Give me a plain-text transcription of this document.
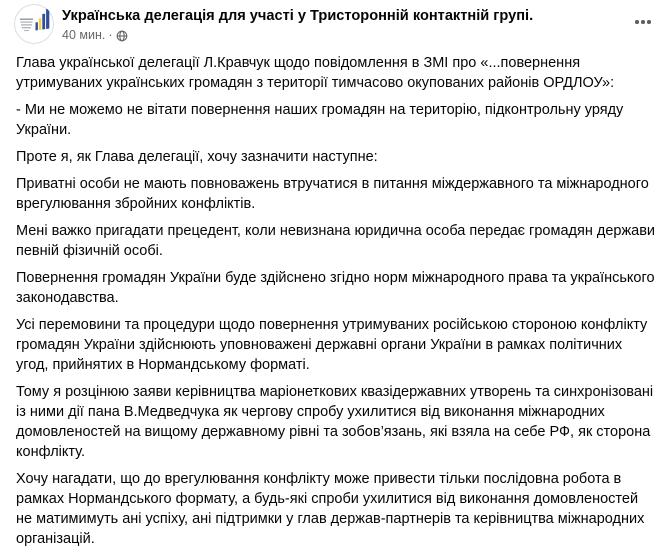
Українська делегація для участі у Тристоронній контактній групі.
40 мин. ·

Глава української делегації Л.Кравчук щодо повідомлення в ЗМІ про «...повернення утримуваних українських громадян з території тимчасово окупованих районів ОРДЛОУ»:

- Ми не можемо не вітати повернення наших громадян на територію, підконтрольну уряду України.

Проте я, як Глава делегації, хочу зазначити наступне:

Приватні особи не мають повноважень втручатися в питання міждержавного та міжнародного врегулювання збройних конфліктів.

Мені важко пригадати прецедент, коли невизнана юридична особа передає громадян держави певній фізичній особі.

Повернення громадян України буде здійснено згідно норм міжнародного права та українського законодавства.

Усі перемовини та процедури щодо повернення утримуваних російською стороною конфлікту громадян України здійснюють уповноважені державні органи України в рамках політичних угод, прийнятих в Нормандському форматі.

Тому я розцінюю заяви керівництва маріонеткових квазідержавних утворень та синхронізовані із ними дії пана В.Медведчука як чергову спробу ухилитися від виконання міжнародних домовленостей на вищому державному рівні та зобов’язань, які взяла на себе РФ, як сторона конфлікту.

Хочу нагадати, що до врегулювання конфлікту може привести тільки послідовна робота в рамках Нормандського формату, а будь-які спроби ухилитися від виконання домовленостей не матимимуть ані успіху, ані підтримки у глав держав-партнерів та керівництва міжнародних організацій.
